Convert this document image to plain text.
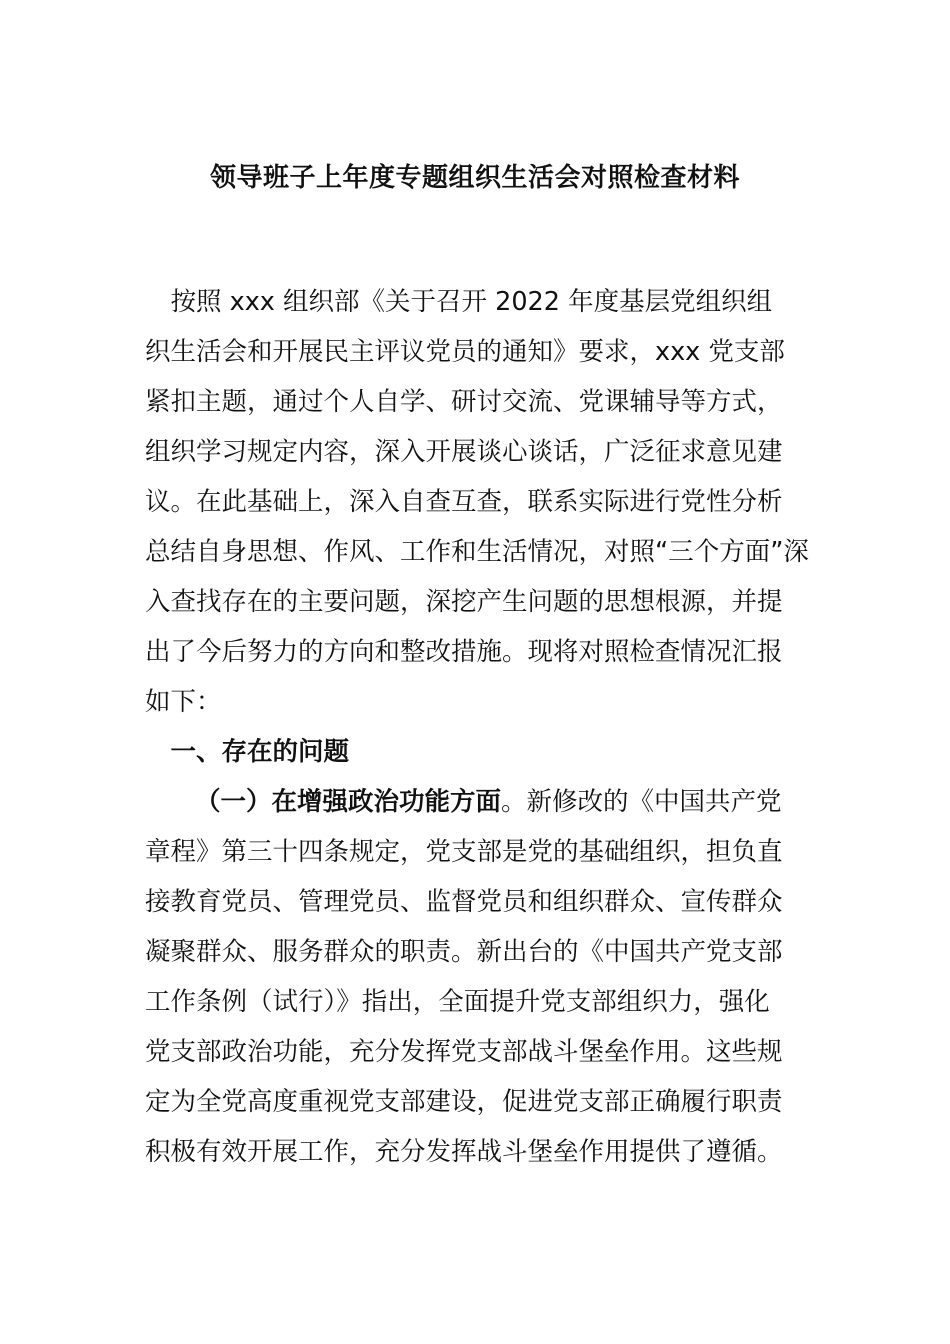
领导班子上年度专题组织生活会对照检查材料
　按照 xxx 组织部《关于召开 2022 年度基层党组织组
织生活会和开展民主评议党员的通知》要求，xxx 党支部
紧扣主题，通过个人自学、研讨交流、党课辅导等方式，
组织学习规定内容，深入开展谈心谈话，广泛征求意见建
议。在此基础上，深入自查互查，联系实际进行党性分析
总结自身思想、作风、工作和生活情况，对照“三个方面”深
入查找存在的主要问题，深挖产生问题的思想根源，并提
出了今后努力的方向和整改措施。现将对照检查情况汇报
如下：
　一、存在的问题
（一）在增强政治功能方面。新修改的《中国共产党
章程》第三十四条规定，党支部是党的基础组织，担负直
接教育党员、管理党员、监督党员和组织群众、宣传群众
凝聚群众、服务群众的职责。新出台的《中国共产党支部
工作条例（试行）》指出，全面提升党支部组织力，强化
党支部政治功能，充分发挥党支部战斗堡垒作用。这些规
定为全党高度重视党支部建设，促进党支部正确履行职责
积极有效开展工作，充分发挥战斗堡垒作用提供了遵循。
